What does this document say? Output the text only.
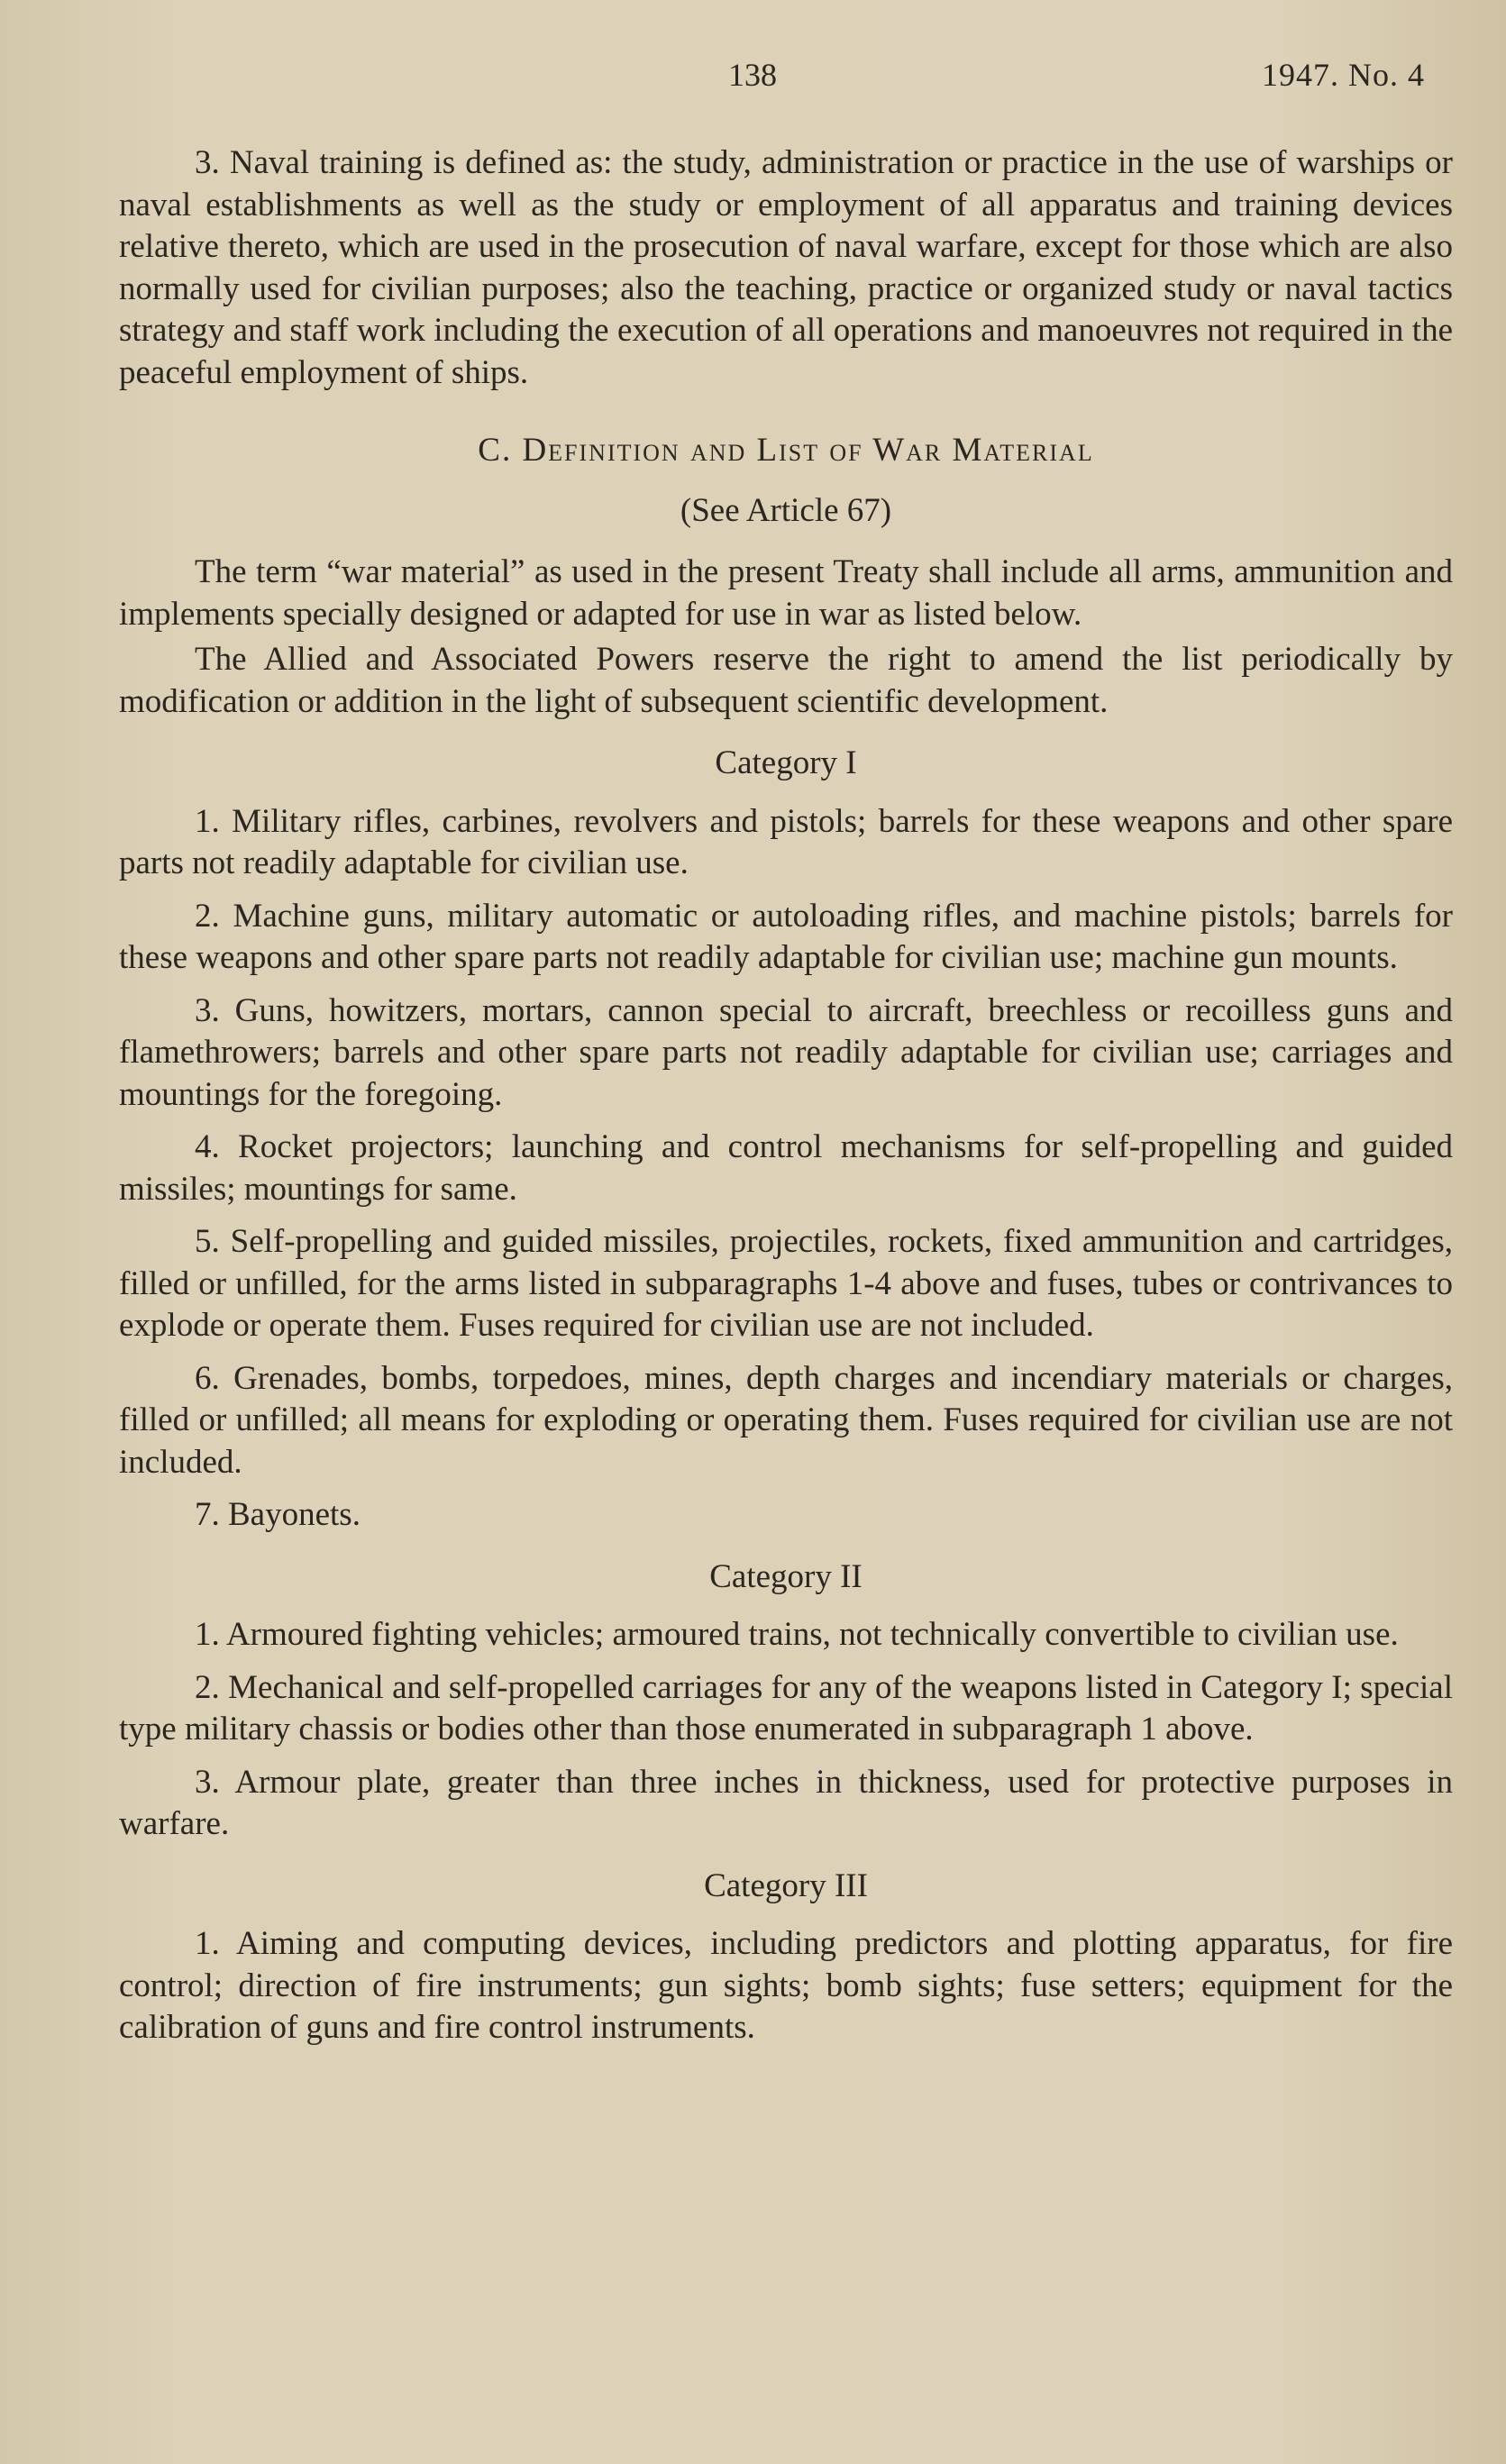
138	1947. No. 4

3. Naval training is defined as: the study, administration or practice in the use of warships or naval establishments as well as the study or employment of all apparatus and training devices relative thereto, which are used in the prosecution of naval warfare, except for those which are also normally used for civilian purposes; also the teaching, practice or organized study or naval tactics strategy and staff work including the execution of all operations and manoeuvres not required in the peaceful employment of ships.

C. Definition and List of War Material
(See Article 67)

The term “war material” as used in the present Treaty shall include all arms, ammunition and implements specially designed or adapted for use in war as listed below.

The Allied and Associated Powers reserve the right to amend the list periodically by modification or addition in the light of subsequent scientific development.

Category I

1. Military rifles, carbines, revolvers and pistols; barrels for these weapons and other spare parts not readily adaptable for civilian use.

2. Machine guns, military automatic or autoloading rifles, and machine pistols; barrels for these weapons and other spare parts not readily adaptable for civilian use; machine gun mounts.

3. Guns, howitzers, mortars, cannon special to aircraft, breechless or recoilless guns and flamethrowers; barrels and other spare parts not readily adaptable for civilian use; carriages and mountings for the foregoing.

4. Rocket projectors; launching and control mechanisms for self-propelling and guided missiles; mountings for same.

5. Self-propelling and guided missiles, projectiles, rockets, fixed ammunition and cartridges, filled or unfilled, for the arms listed in subparagraphs 1-4 above and fuses, tubes or contrivances to explode or operate them. Fuses required for civilian use are not included.

6. Grenades, bombs, torpedoes, mines, depth charges and incendiary materials or charges, filled or unfilled; all means for exploding or operating them. Fuses required for civilian use are not included.

7. Bayonets.

Category II

1. Armoured fighting vehicles; armoured trains, not technically convertible to civilian use.

2. Mechanical and self-propelled carriages for any of the weapons listed in Category I; special type military chassis or bodies other than those enumerated in subparagraph 1 above.

3. Armour plate, greater than three inches in thickness, used for protective purposes in warfare.

Category III

1. Aiming and computing devices, including predictors and plotting apparatus, for fire control; direction of fire instruments; gun sights; bomb sights; fuse setters; equipment for the calibration of guns and fire control instruments.
